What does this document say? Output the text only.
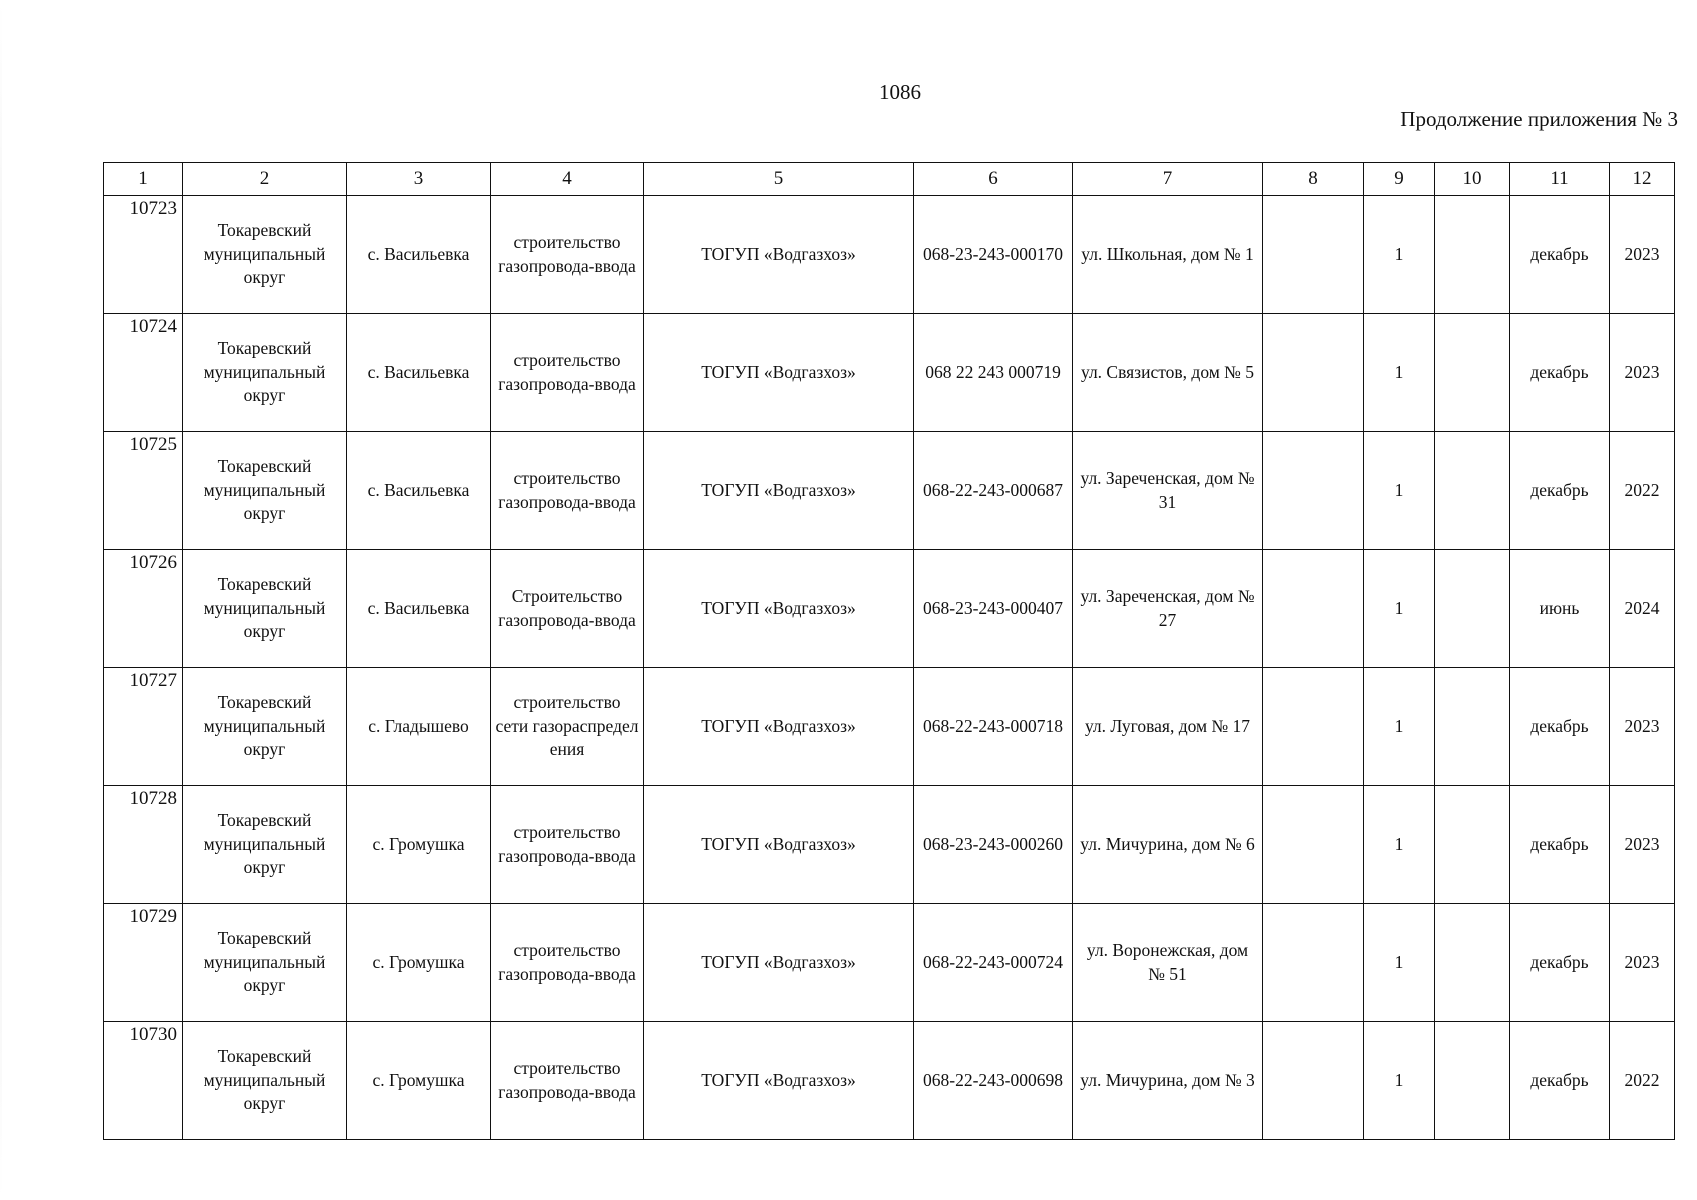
1086
Продолжение приложения № 3
1	2	3	4	5	6	7	8	9	10	11	12
10723	Токаревский муниципальный округ	с. Васильевка	строительство газопровода-ввода	ТОГУП «Водгазхоз»	068-23-243-000170	ул. Школьная, дом № 1		1		декабрь	2023
10724	Токаревский муниципальный округ	с. Васильевка	строительство газопровода-ввода	ТОГУП «Водгазхоз»	068 22 243 000719	ул. Связистов, дом № 5		1		декабрь	2023
10725	Токаревский муниципальный округ	с. Васильевка	строительство газопровода-ввода	ТОГУП «Водгазхоз»	068-22-243-000687	ул. Заречeнская, дом № 31		1		декабрь	2022
10726	Токаревский муниципальный округ	с. Васильевка	Строительство газопровода-ввода	ТОГУП «Водгазхоз»	068-23-243-000407	ул. Заречeнская, дом № 27		1		июнь	2024
10727	Токаревский муниципальный округ	с. Гладышево	строительство сети газораспредел ения	ТОГУП «Водгазхоз»	068-22-243-000718	ул. Луговая, дом № 17		1		декабрь	2023
10728	Токаревский муниципальный округ	с. Громушка	строительство газопровода-ввода	ТОГУП «Водгазхоз»	068-23-243-000260	ул. Мичурина, дом № 6		1		декабрь	2023
10729	Токаревский муниципальный округ	с. Громушка	строительство газопровода-ввода	ТОГУП «Водгазхоз»	068-22-243-000724	ул. Воронежская, дом № 51		1		декабрь	2023
10730	Токаревский муниципальный округ	с. Громушка	строительство газопровода-ввода	ТОГУП «Водгазхоз»	068-22-243-000698	ул. Мичурина, дом № 3		1		декабрь	2022
